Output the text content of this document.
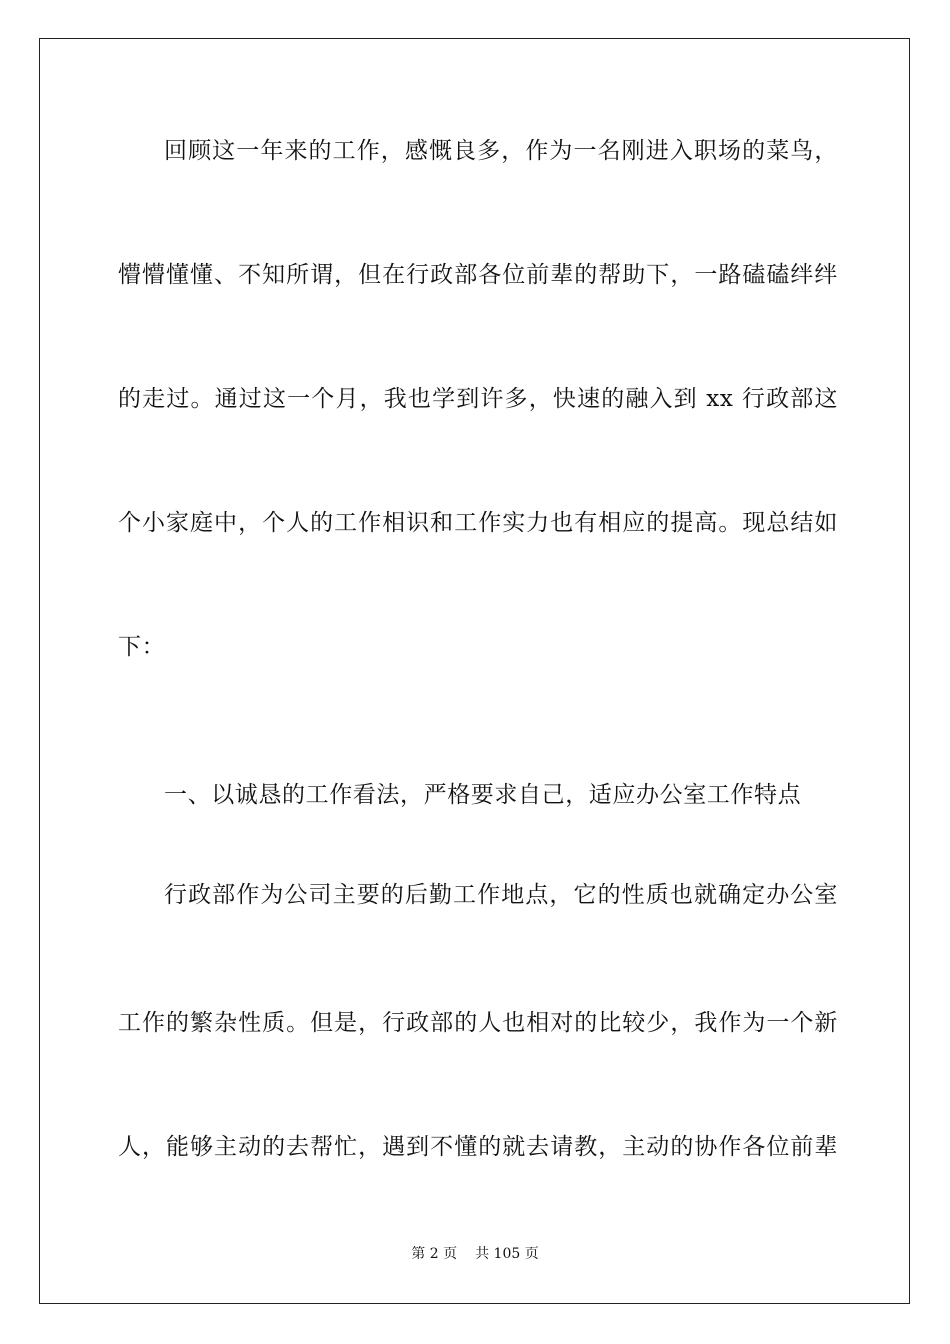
回顾这一年来的工作，感慨良多，作为一名刚进入职场的菜鸟，
懵懵懂懂、不知所谓，但在行政部各位前辈的帮助下，一路磕磕绊绊
的走过。通过这一个月，我也学到许多，快速的融入到 xx 行政部这
个小家庭中，个人的工作相识和工作实力也有相应的提高。现总结如
下：
一、以诚恳的工作看法，严格要求自己，适应办公室工作特点
行政部作为公司主要的后勤工作地点，它的性质也就确定办公室
工作的繁杂性质。但是，行政部的人也相对的比较少，我作为一个新
人，能够主动的去帮忙，遇到不懂的就去请教，主动的协作各位前辈
第 2 页 共 105 页
